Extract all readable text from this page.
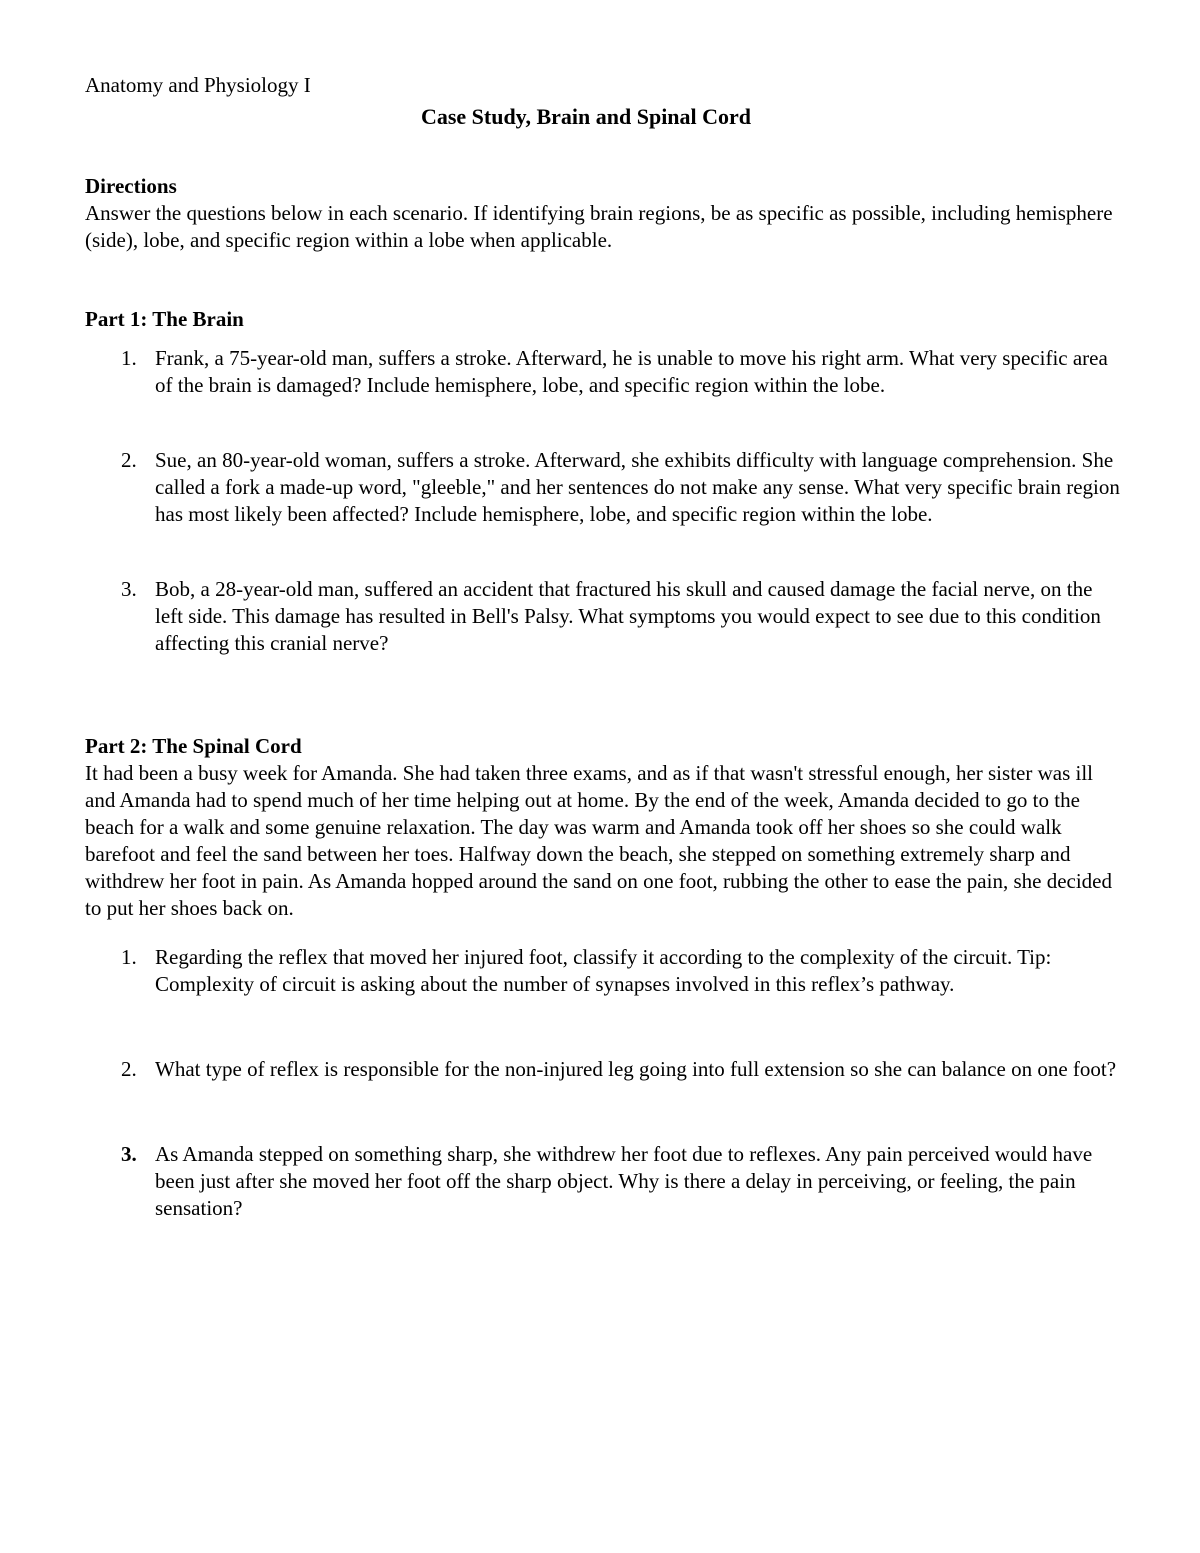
Anatomy and Physiology I

Case Study, Brain and Spinal Cord

Directions

Answer the questions below in each scenario. If identifying brain regions, be as specific as possible, including hemisphere (side), lobe, and specific region within a lobe when applicable.

Part 1: The Brain
1. Frank, a 75-year-old man, suffers a stroke. Afterward, he is unable to move his right arm. What very specific area of the brain is damaged? Include hemisphere, lobe, and specific region within the lobe.
2. Sue, an 80-year-old woman, suffers a stroke. Afterward, she exhibits difficulty with language comprehension. She called a fork a made-up word, "gleeble," and her sentences do not make any sense. What very specific brain region has most likely been affected? Include hemisphere, lobe, and specific region within the lobe.
3. Bob, a 28-year-old man, suffered an accident that fractured his skull and caused damage the facial nerve, on the left side. This damage has resulted in Bell's Palsy. What symptoms you would expect to see due to this condition affecting this cranial nerve?
Part 2: The Spinal Cord

It had been a busy week for Amanda. She had taken three exams, and as if that wasn't stressful enough, her sister was ill and Amanda had to spend much of her time helping out at home. By the end of the week, Amanda decided to go to the beach for a walk and some genuine relaxation. The day was warm and Amanda took off her shoes so she could walk barefoot and feel the sand between her toes. Halfway down the beach, she stepped on something extremely sharp and withdrew her foot in pain. As Amanda hopped around the sand on one foot, rubbing the other to ease the pain, she decided to put her shoes back on.

1. Regarding the reflex that moved her injured foot, classify it according to the complexity of the circuit. Tip: Complexity of circuit is asking about the number of synapses involved in this reflex’s pathway.
2. What type of reflex is responsible for the non-injured leg going into full extension so she can balance on one foot?
3. As Amanda stepped on something sharp, she withdrew her foot due to reflexes. Any pain perceived would have been just after she moved her foot off the sharp object. Why is there a delay in perceiving, or feeling, the pain sensation?
